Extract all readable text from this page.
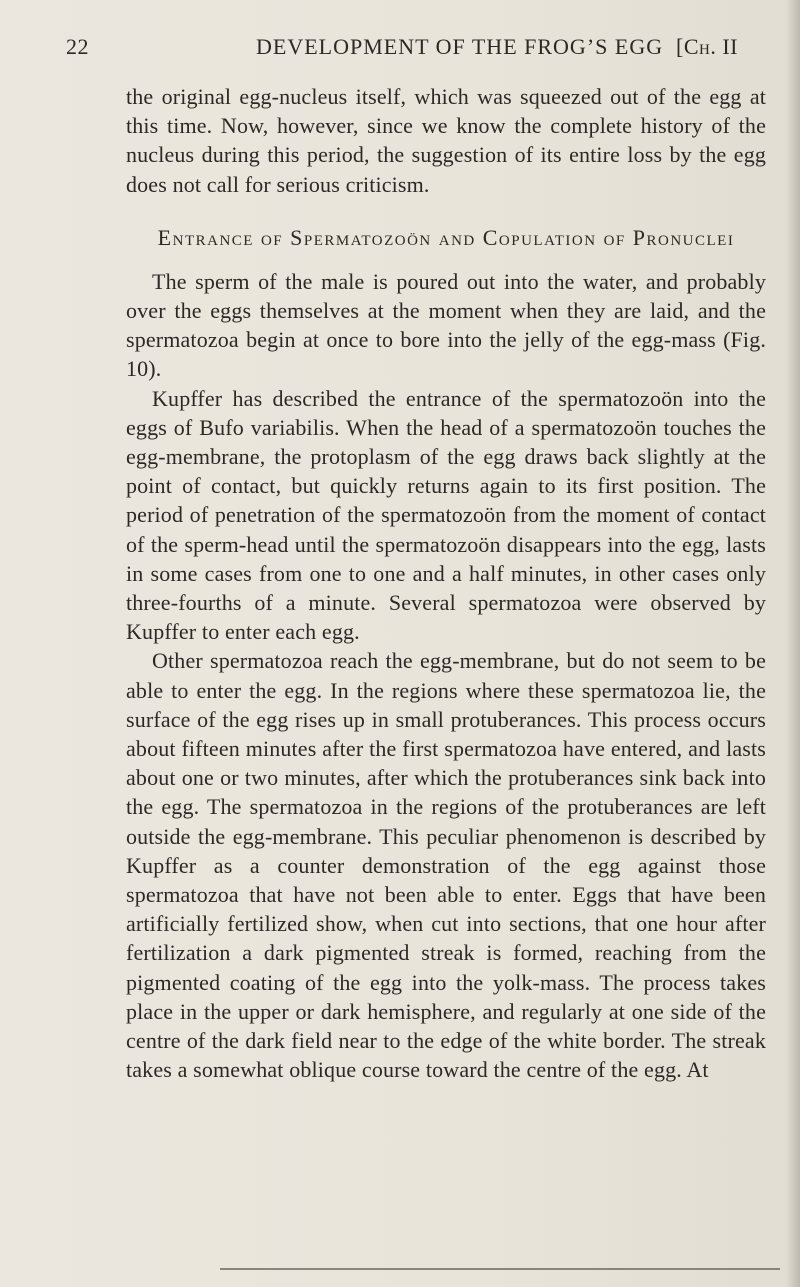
22	DEVELOPMENT OF THE FROG’S EGG [Ch. II

the original egg-nucleus itself, which was squeezed out of the egg at this time. Now, however, since we know the complete history of the nucleus during this period, the suggestion of its entire loss by the egg does not call for serious criticism.

Entrance of Spermatozoön and Copulation of Pronuclei

The sperm of the male is poured out into the water, and probably over the eggs themselves at the moment when they are laid, and the spermatozoa begin at once to bore into the jelly of the egg-mass (Fig. 10).

Kupffer has described the entrance of the spermatozoön into the eggs of Bufo variabilis. When the head of a spermatozoön touches the egg-membrane, the protoplasm of the egg draws back slightly at the point of contact, but quickly returns again to its first position. The period of penetration of the spermatozoön from the moment of contact of the sperm-head until the spermatozoön disappears into the egg, lasts in some cases from one to one and a half minutes, in other cases only three-fourths of a minute. Several spermatozoa were observed by Kupffer to enter each egg.

Other spermatozoa reach the egg-membrane, but do not seem to be able to enter the egg. In the regions where these spermatozoa lie, the surface of the egg rises up in small protuberances. This process occurs about fifteen minutes after the first spermatozoa have entered, and lasts about one or two minutes, after which the protuberances sink back into the egg. The spermatozoa in the regions of the protuberances are left outside the egg-membrane. This peculiar phenomenon is described by Kupffer as a counter demonstration of the egg against those spermatozoa that have not been able to enter. Eggs that have been artificially fertilized show, when cut into sections, that one hour after fertilization a dark pigmented streak is formed, reaching from the pigmented coating of the egg into the yolk-mass. The process takes place in the upper or dark hemisphere, and regularly at one side of the centre of the dark field near to the edge of the white border. The streak takes a somewhat oblique course toward the centre of the egg. At
